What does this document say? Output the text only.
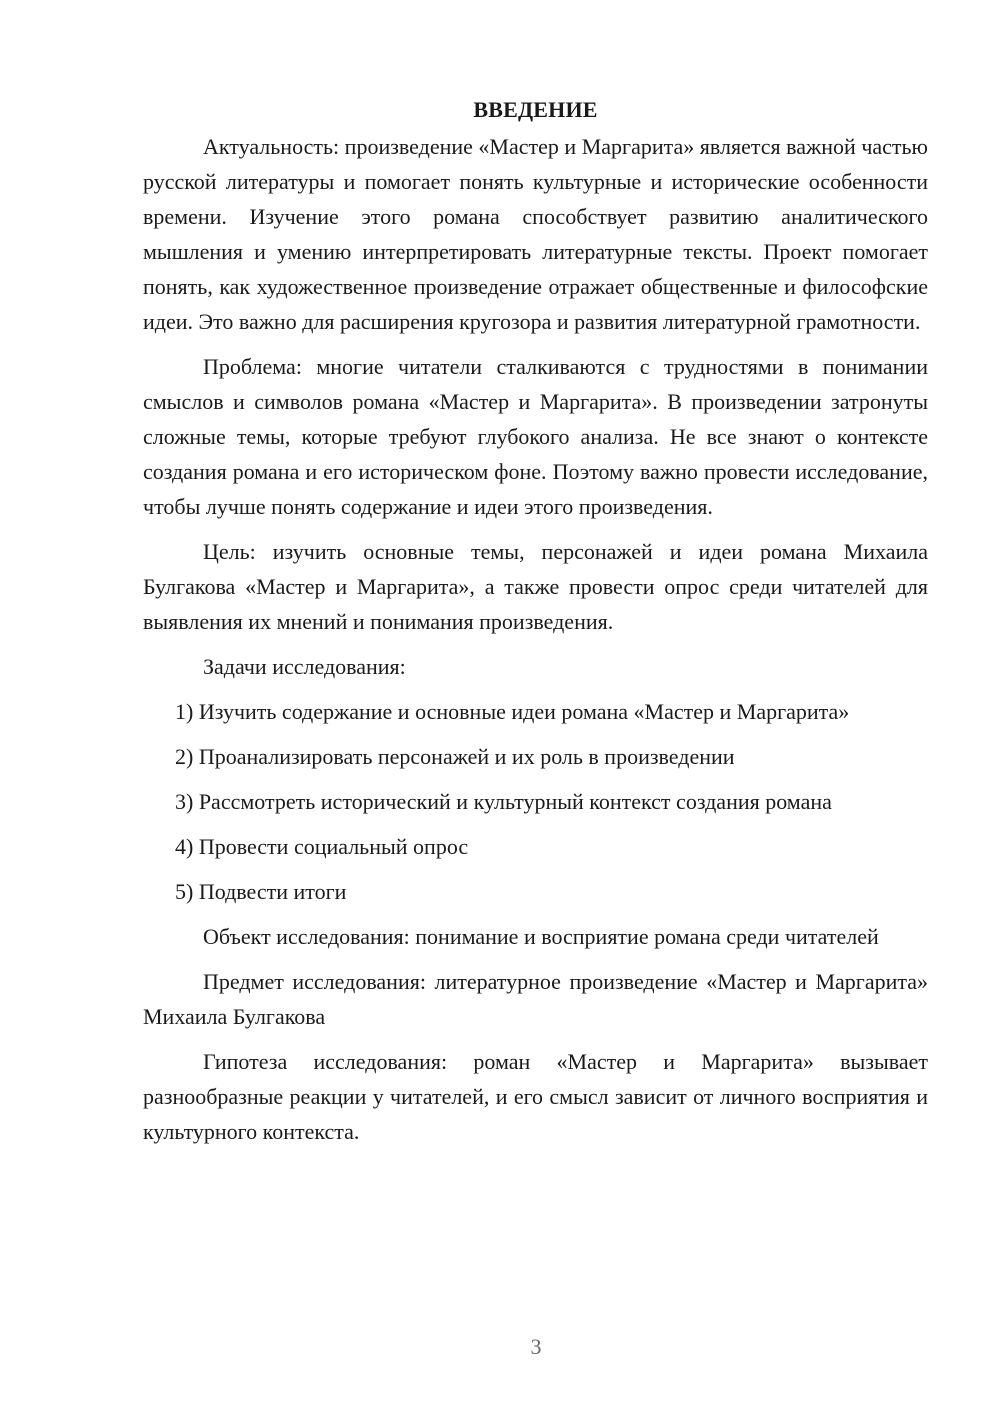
ВВЕДЕНИЕ

Актуальность: произведение «Мастер и Маргарита» является важной частью русской литературы и помогает понять культурные и исторические особенности времени. Изучение этого романа способствует развитию аналитического мышления и умению интерпретировать литературные тексты. Проект помогает понять, как художественное произведение отражает общественные и философские идеи. Это важно для расширения кругозора и развития литературной грамотности.

Проблема: многие читатели сталкиваются с трудностями в понимании смыслов и символов романа «Мастер и Маргарита». В произведении затронуты сложные темы, которые требуют глубокого анализа. Не все знают о контексте создания романа и его историческом фоне. Поэтому важно провести исследование, чтобы лучше понять содержание и идеи этого произведения.

Цель: изучить основные темы, персонажей и идеи романа Михаила Булгакова «Мастер и Маргарита», а также провести опрос среди читателей для выявления их мнений и понимания произведения.

Задачи исследования:

1) Изучить содержание и основные идеи романа «Мастер и Маргарита»

2) Проанализировать персонажей и их роль в произведении

3) Рассмотреть исторический и культурный контекст создания романа

4) Провести социальный опрос

5) Подвести итоги

Объект исследования: понимание и восприятие романа среди читателей

Предмет исследования: литературное произведение «Мастер и Маргарита» Михаила Булгакова

Гипотеза исследования: роман «Мастер и Маргарита» вызывает разнообразные реакции у читателей, и его смысл зависит от личного восприятия и культурного контекста.

3
